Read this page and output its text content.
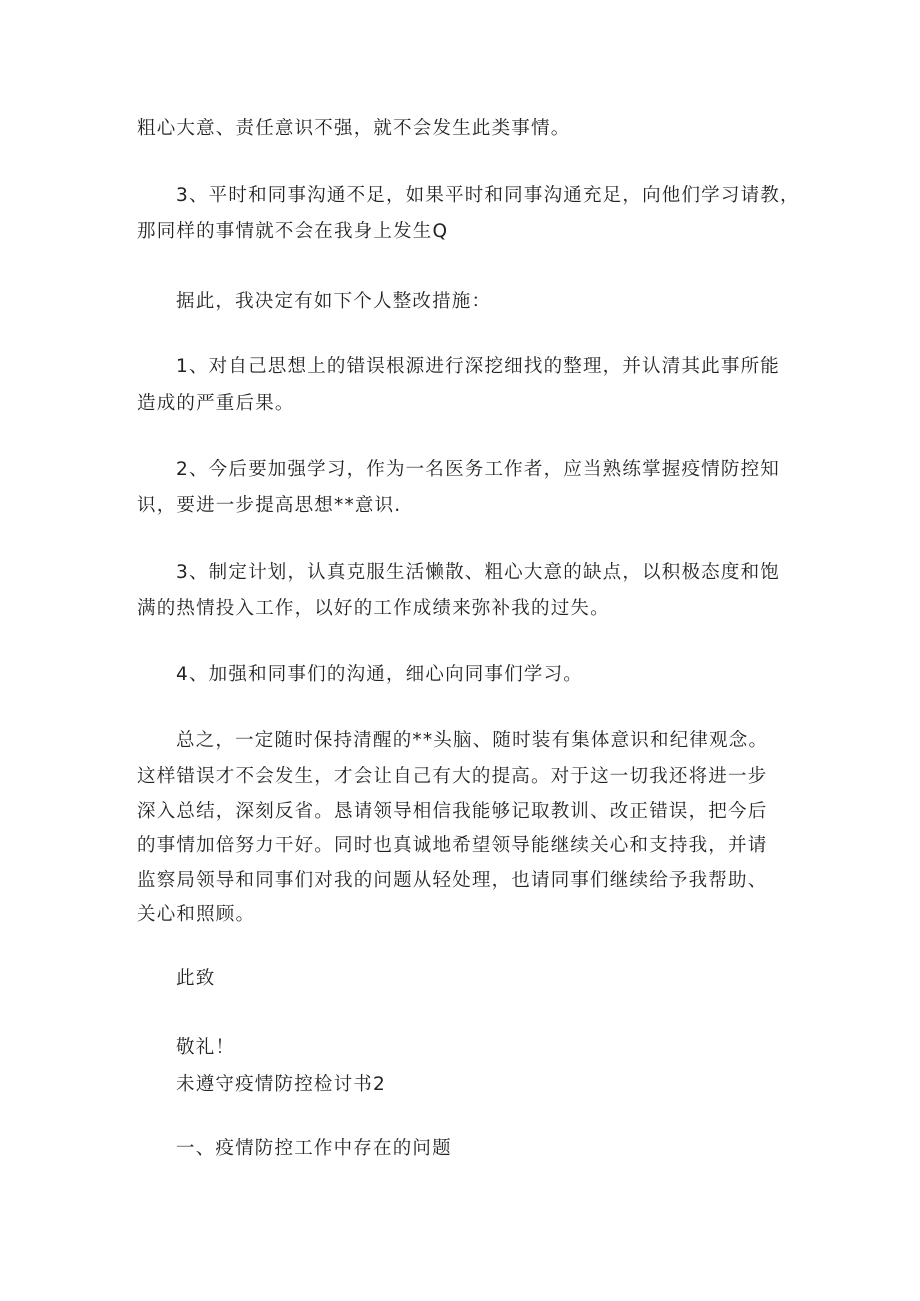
粗心大意、责任意识不强，就不会发生此类事情。
3、平时和同事沟通不足，如果平时和同事沟通充足，向他们学习请教，
那同样的事情就不会在我身上发生Q
据此，我决定有如下个人整改措施：
1、对自己思想上的错误根源进行深挖细找的整理，并认清其此事所能
造成的严重后果。
2、今后要加强学习，作为一名医务工作者，应当熟练掌握疫情防控知
识，要进一步提高思想**意识.
3、制定计划，认真克服生活懒散、粗心大意的缺点，以积极态度和饱
满的热情投入工作，以好的工作成绩来弥补我的过失。
4、加强和同事们的沟通，细心向同事们学习。
总之，一定随时保持清醒的**头脑、随时装有集体意识和纪律观念。
这样错误才不会发生，才会让自己有大的提高。对于这一切我还将进一步
深入总结，深刻反省。恳请领导相信我能够记取教训、改正错误，把今后
的事情加倍努力干好。同时也真诚地希望领导能继续关心和支持我，并请
监察局领导和同事们对我的问题从轻处理，也请同事们继续给予我帮助、
关心和照顾。
此致
敬礼！
未遵守疫情防控检讨书2
一、疫情防控工作中存在的问题
